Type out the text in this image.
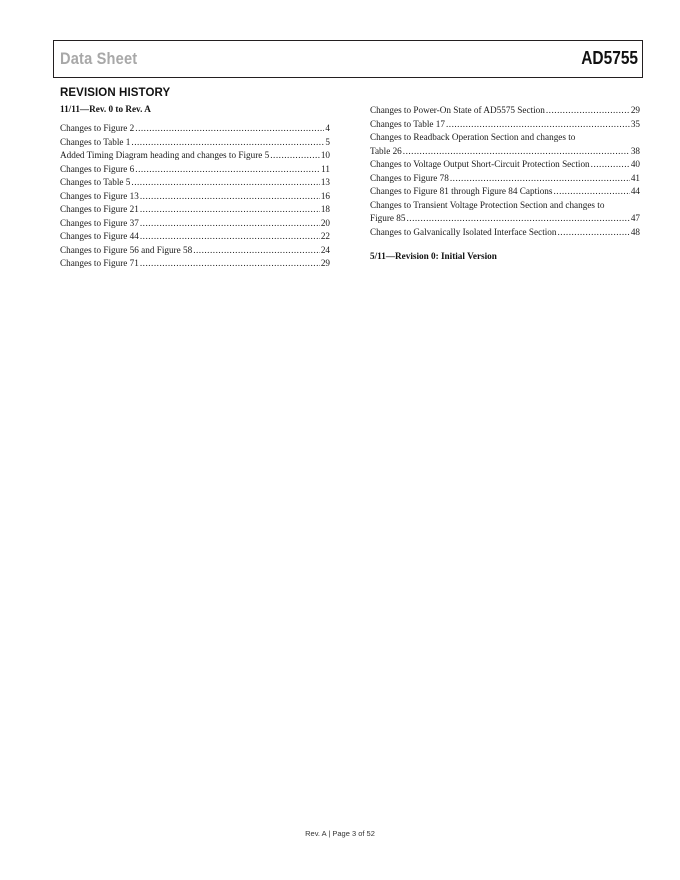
Data Sheet	AD5755
REVISION HISTORY
11/11—Rev. 0 to Rev. A
Changes to Figure 2 .....	4
Changes to Table 1 .....	5
Added Timing Diagram heading and changes to Figure 5 .....	10
Changes to Figure 6 .....	11
Changes to Table 5 .....	13
Changes to Figure 13 .....	16
Changes to Figure 21 .....	18
Changes to Figure 37 .....	20
Changes to Figure 44 .....	22
Changes to Figure 56 and Figure 58 .....	24
Changes to Figure 71 .....	29
Changes to Power-On State of AD5575 Section .....	29
Changes to Table 17 .....	35
Changes to Readback Operation Section and changes to
Table 26 .....	38
Changes to Voltage Output Short-Circuit Protection Section .....	40
Changes to Figure 78 .....	41
Changes to Figure 81 through Figure 84 Captions .....	44
Changes to Transient Voltage Protection Section and changes to
Figure 85 .....	47
Changes to Galvanically Isolated Interface Section .....	48
5/11—Revision 0: Initial Version
Rev. A | Page 3 of 52
